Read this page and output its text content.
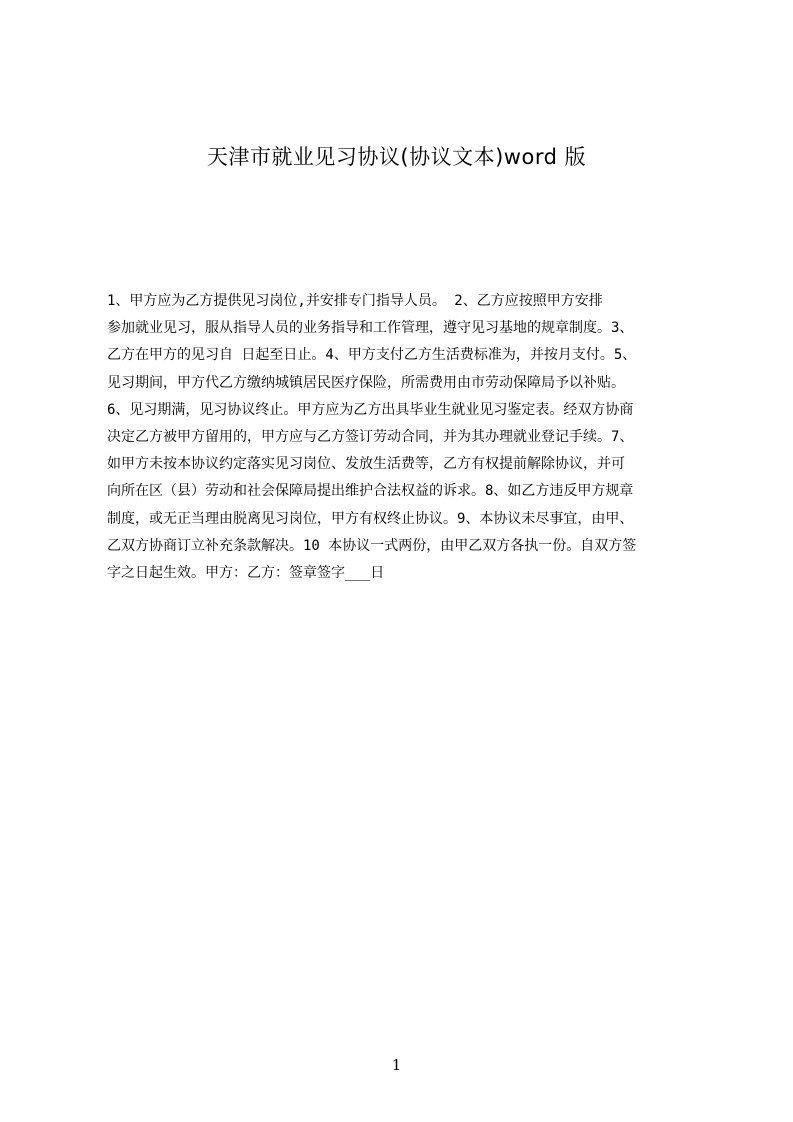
天津市就业见习协议(协议文本)word 版
1、甲方应为乙方提供见习岗位,并安排专门指导人员。 2、乙方应按照甲方安排
参加就业见习，服从指导人员的业务指导和工作管理，遵守见习基地的规章制度。3、
乙方在甲方的见习自 日起至日止。4、甲方支付乙方生活费标准为，并按月支付。5、
见习期间，甲方代乙方缴纳城镇居民医疗保险，所需费用由市劳动保障局予以补贴。
6、见习期满，见习协议终止。甲方应为乙方出具毕业生就业见习鉴定表。经双方协商
决定乙方被甲方留用的，甲方应与乙方签订劳动合同，并为其办理就业登记手续。7、
如甲方未按本协议约定落实见习岗位、发放生活费等，乙方有权提前解除协议，并可
向所在区（县）劳动和社会保障局提出维护合法权益的诉求。8、如乙方违反甲方规章
制度，或无正当理由脱离见习岗位，甲方有权终止协议。9、本协议未尽事宜，由甲、
乙双方协商订立补充条款解决。10 本协议一式两份，由甲乙双方各执一份。自双方签
字之日起生效。甲方：乙方：签章签字___日
1
